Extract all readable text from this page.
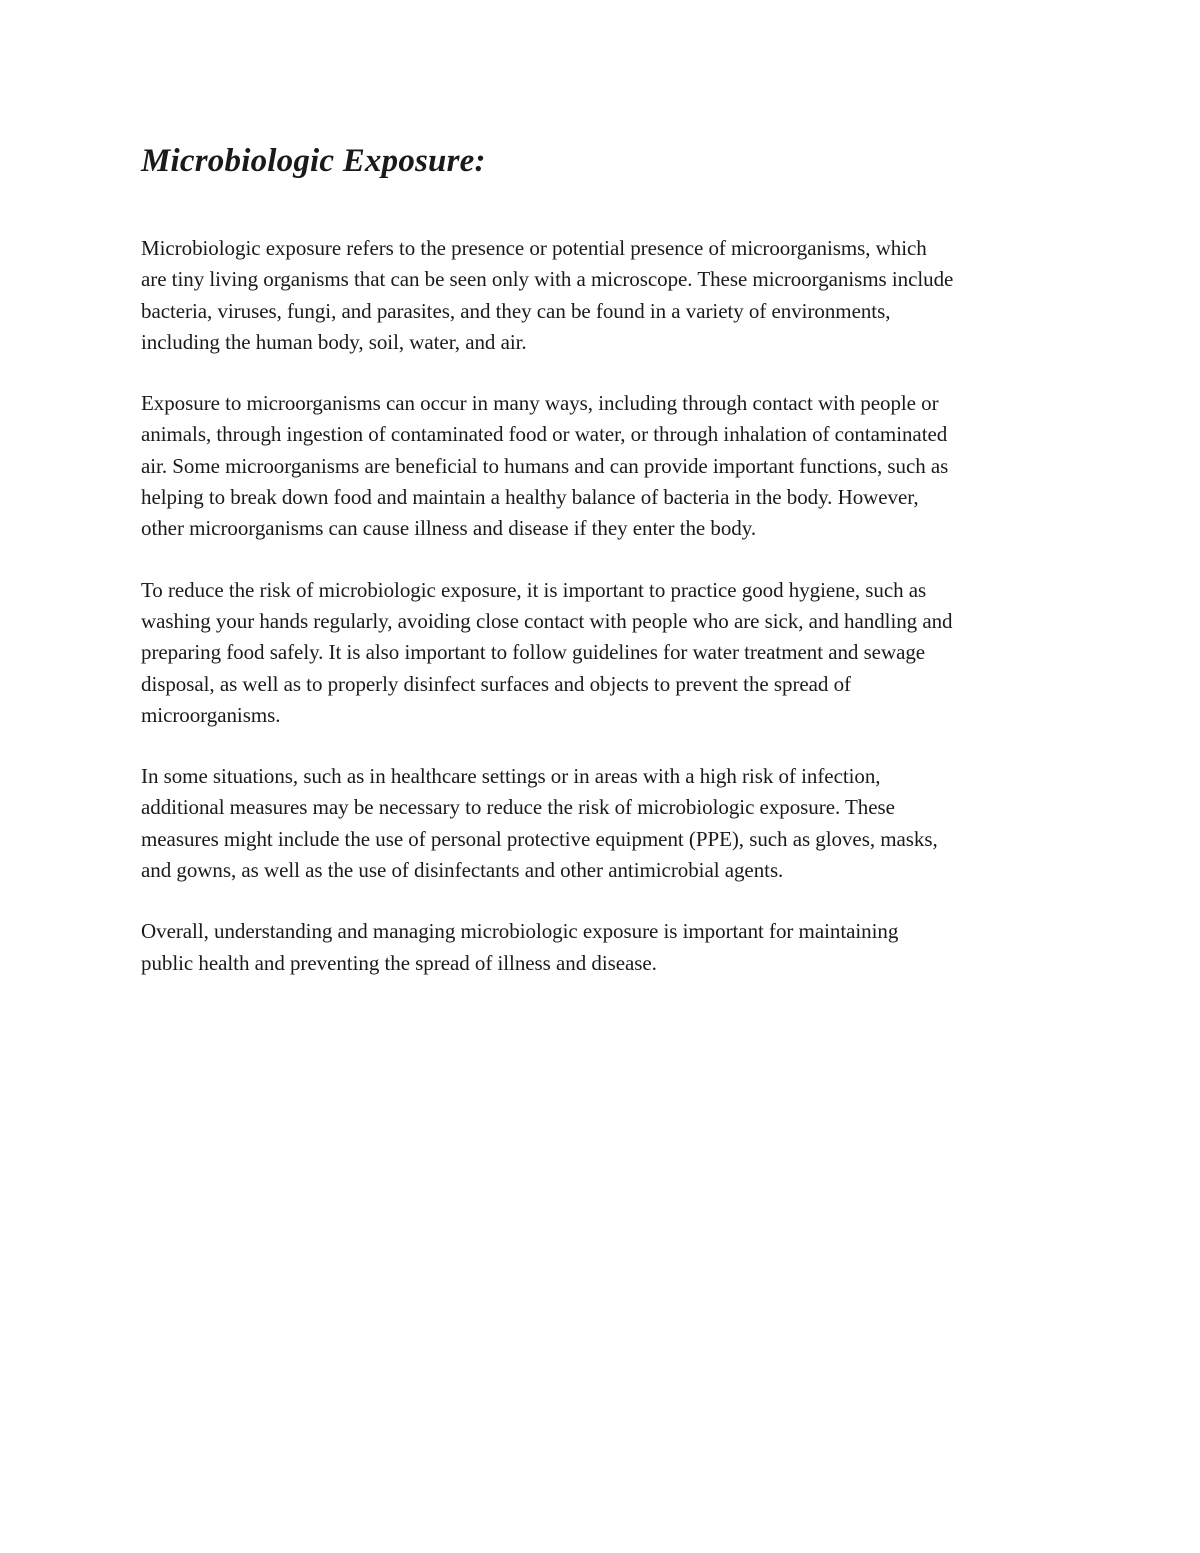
Microbiologic Exposure:

Microbiologic exposure refers to the presence or potential presence of microorganisms, which
are tiny living organisms that can be seen only with a microscope. These microorganisms include
bacteria, viruses, fungi, and parasites, and they can be found in a variety of environments,
including the human body, soil, water, and air.

Exposure to microorganisms can occur in many ways, including through contact with people or
animals, through ingestion of contaminated food or water, or through inhalation of contaminated
air. Some microorganisms are beneficial to humans and can provide important functions, such as
helping to break down food and maintain a healthy balance of bacteria in the body. However,
other microorganisms can cause illness and disease if they enter the body.

To reduce the risk of microbiologic exposure, it is important to practice good hygiene, such as
washing your hands regularly, avoiding close contact with people who are sick, and handling and
preparing food safely. It is also important to follow guidelines for water treatment and sewage
disposal, as well as to properly disinfect surfaces and objects to prevent the spread of
microorganisms.

In some situations, such as in healthcare settings or in areas with a high risk of infection,
additional measures may be necessary to reduce the risk of microbiologic exposure. These
measures might include the use of personal protective equipment (PPE), such as gloves, masks,
and gowns, as well as the use of disinfectants and other antimicrobial agents.

Overall, understanding and managing microbiologic exposure is important for maintaining
public health and preventing the spread of illness and disease.
